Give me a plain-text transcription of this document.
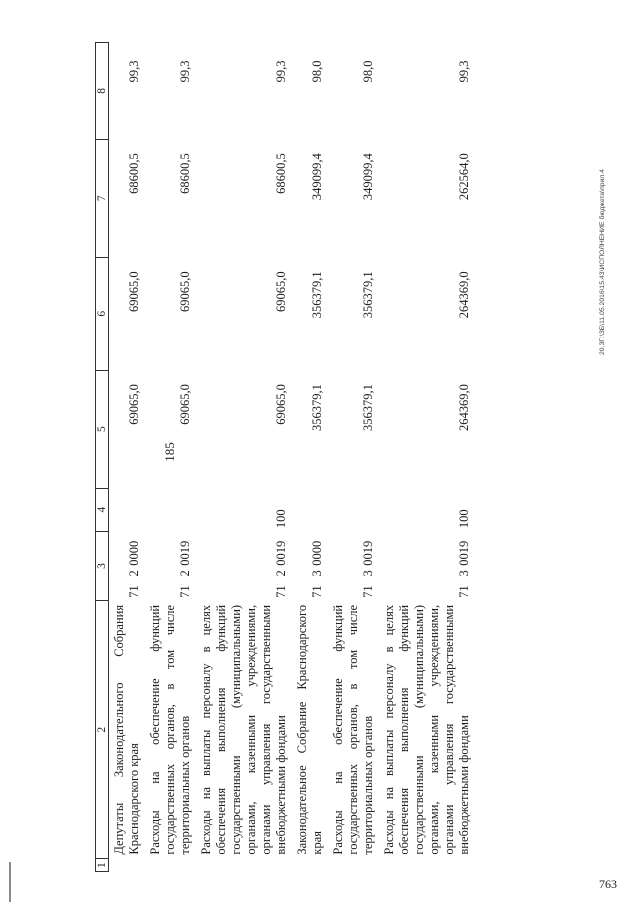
185
20.3Г:\ЗБ\11.05.2016\15.43\ИСПОЛНЕНИЕ бюджета\прил.4
763
1	2	3			4	5	6	7	8
	Депутаты Законодательного Собрания Краснодарского края	71	2	0000		69065,0	69065,0	68600,5	99,3
	Расходы на обеспечение функций государственных органов, в том числе территориальных органов	71	2	0019		69065,0	69065,0	68600,5	99,3
	Расходы на выплаты персоналу в целях обеспечения выполнения функций государственными (муниципальными) органами, казенными учреждениями, органами управления государственными внебюджетными фондами	71	2	0019	100	69065,0	69065,0	68600,5	99,3
	Законодательное Собрание Краснодарского края	71	3	0000		356379,1	356379,1	349099,4	98,0
	Расходы на обеспечение функций государственных органов, в том числе территориальных органов	71	3	0019		356379,1	356379,1	349099,4	98,0
	Расходы на выплаты персоналу в целях обеспечения выполнения функций государственными (муниципальными) органами, казенными учреждениями, органами управления государственными внебюджетными фондами	71	3	0019	100	264369,0	264369,0	262564,0	99,3
